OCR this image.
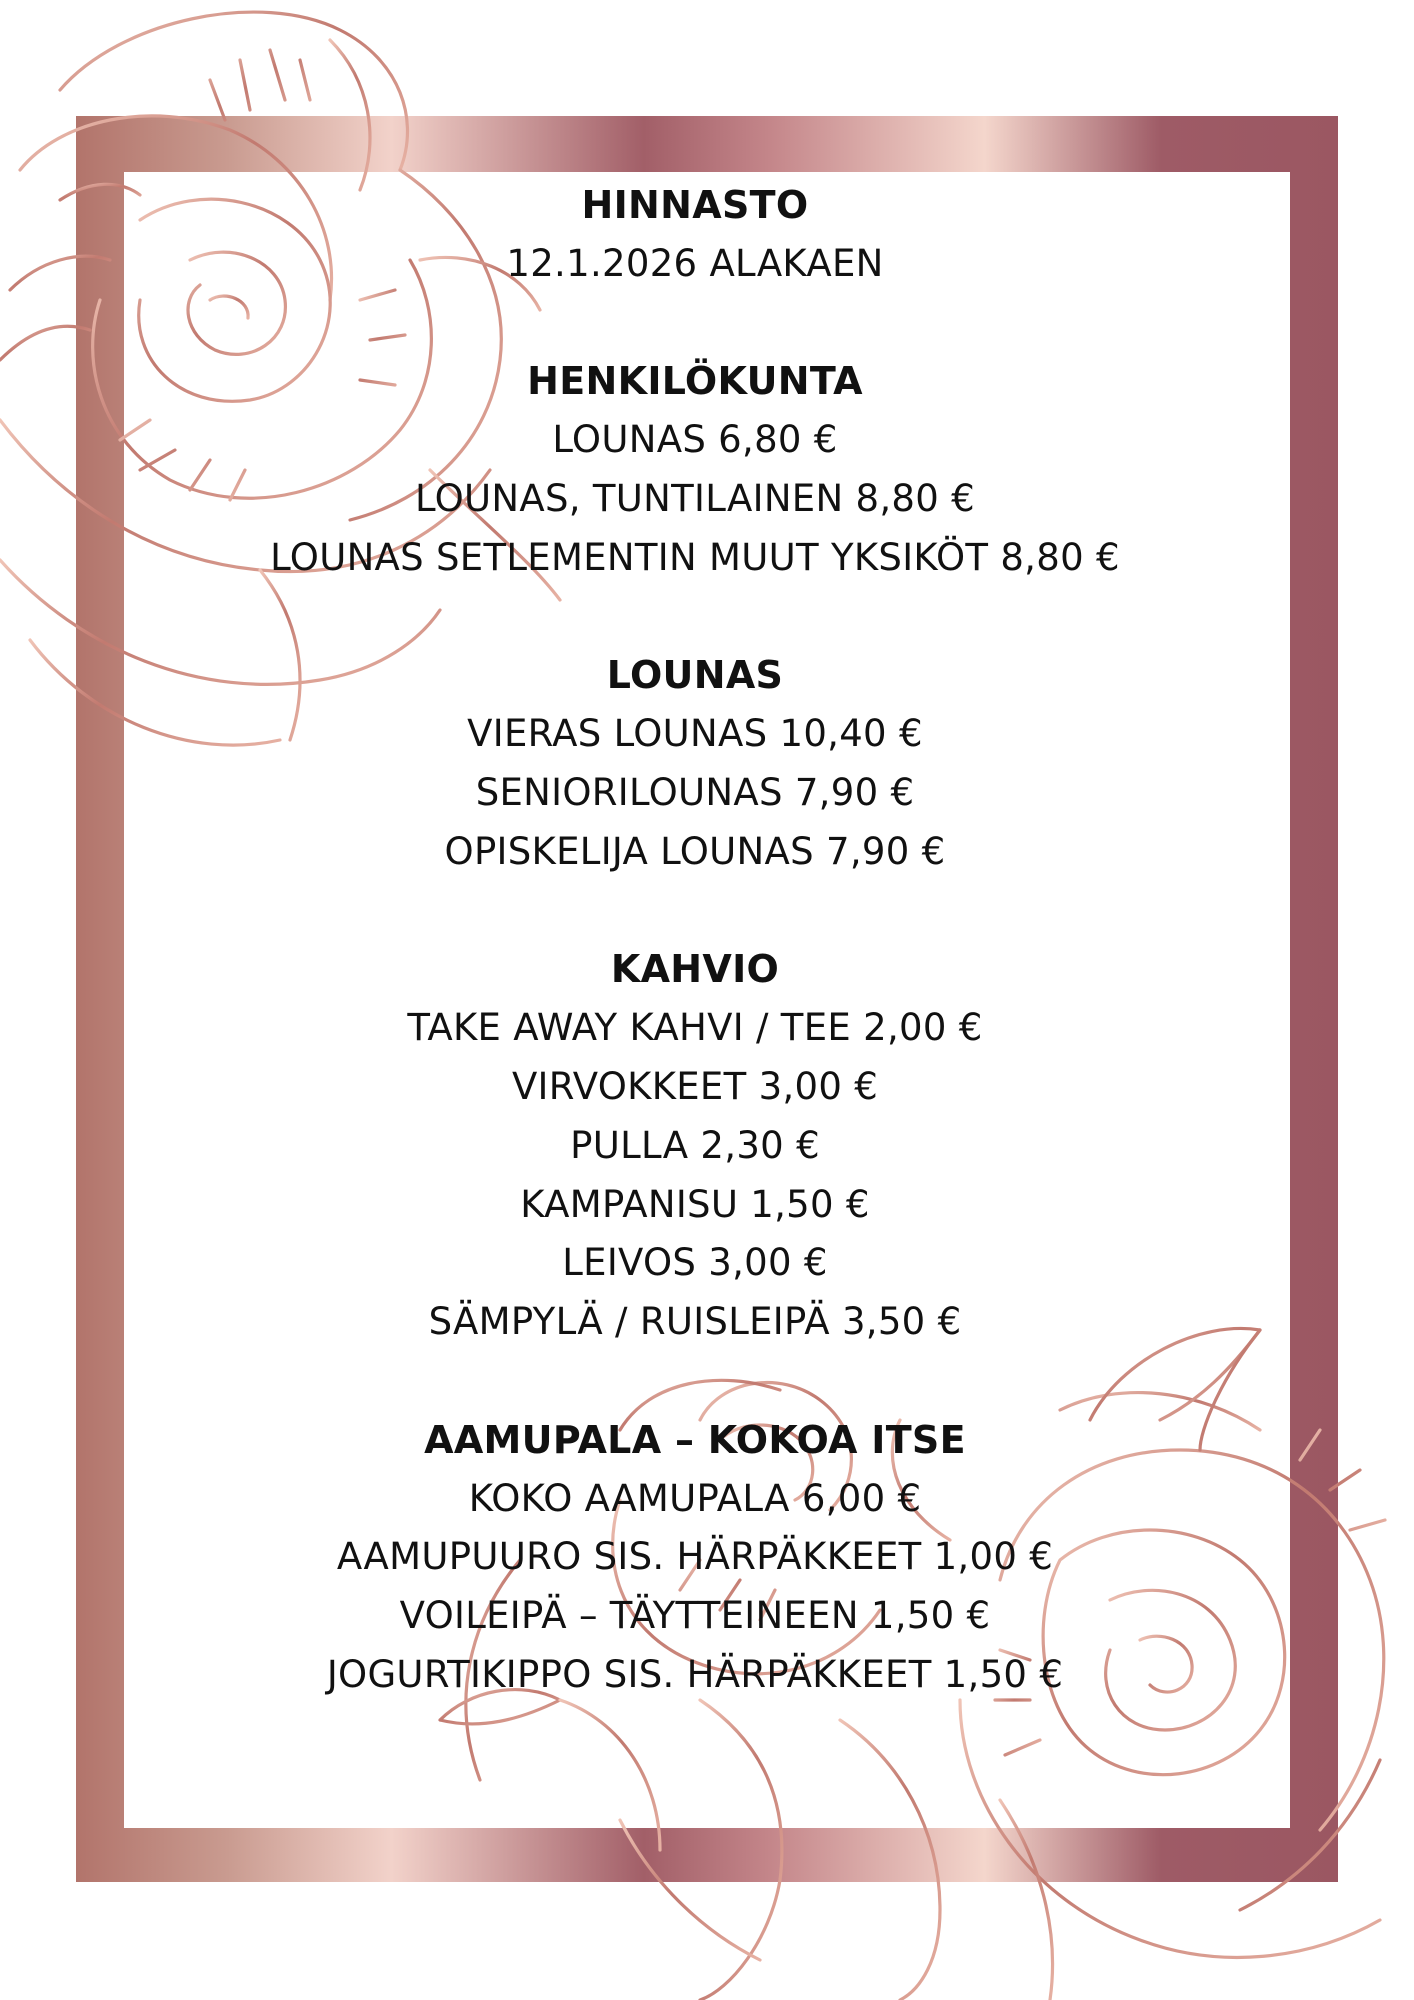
HINNASTO
12.1.2026 ALAKAEN
HENKILÖKUNTA
LOUNAS 6,80 €
LOUNAS, TUNTILAINEN 8,80 €
LOUNAS SETLEMENTIN MUUT YKSIKÖT 8,80 €
LOUNAS
VIERAS LOUNAS 10,40 €
SENIORILOUNAS 7,90 €
OPISKELIJA LOUNAS 7,90 €
KAHVIO
TAKE AWAY KAHVI / TEE 2,00 €
VIRVOKKEET 3,00 €
PULLA 2,30 €
KAMPANISU 1,50 €
LEIVOS 3,00 €
SÄMPYLÄ / RUISLEIPÄ 3,50 €
AAMUPALA – KOKOA ITSE
KOKO AAMUPALA 6,00 €
AAMUPUURO SIS. HÄRPÄKKEET 1,00 €
VOILEIPÄ – TÄYTTEINEEN 1,50 €
JOGURTIKIPPO SIS. HÄRPÄKKEET 1,50 €
